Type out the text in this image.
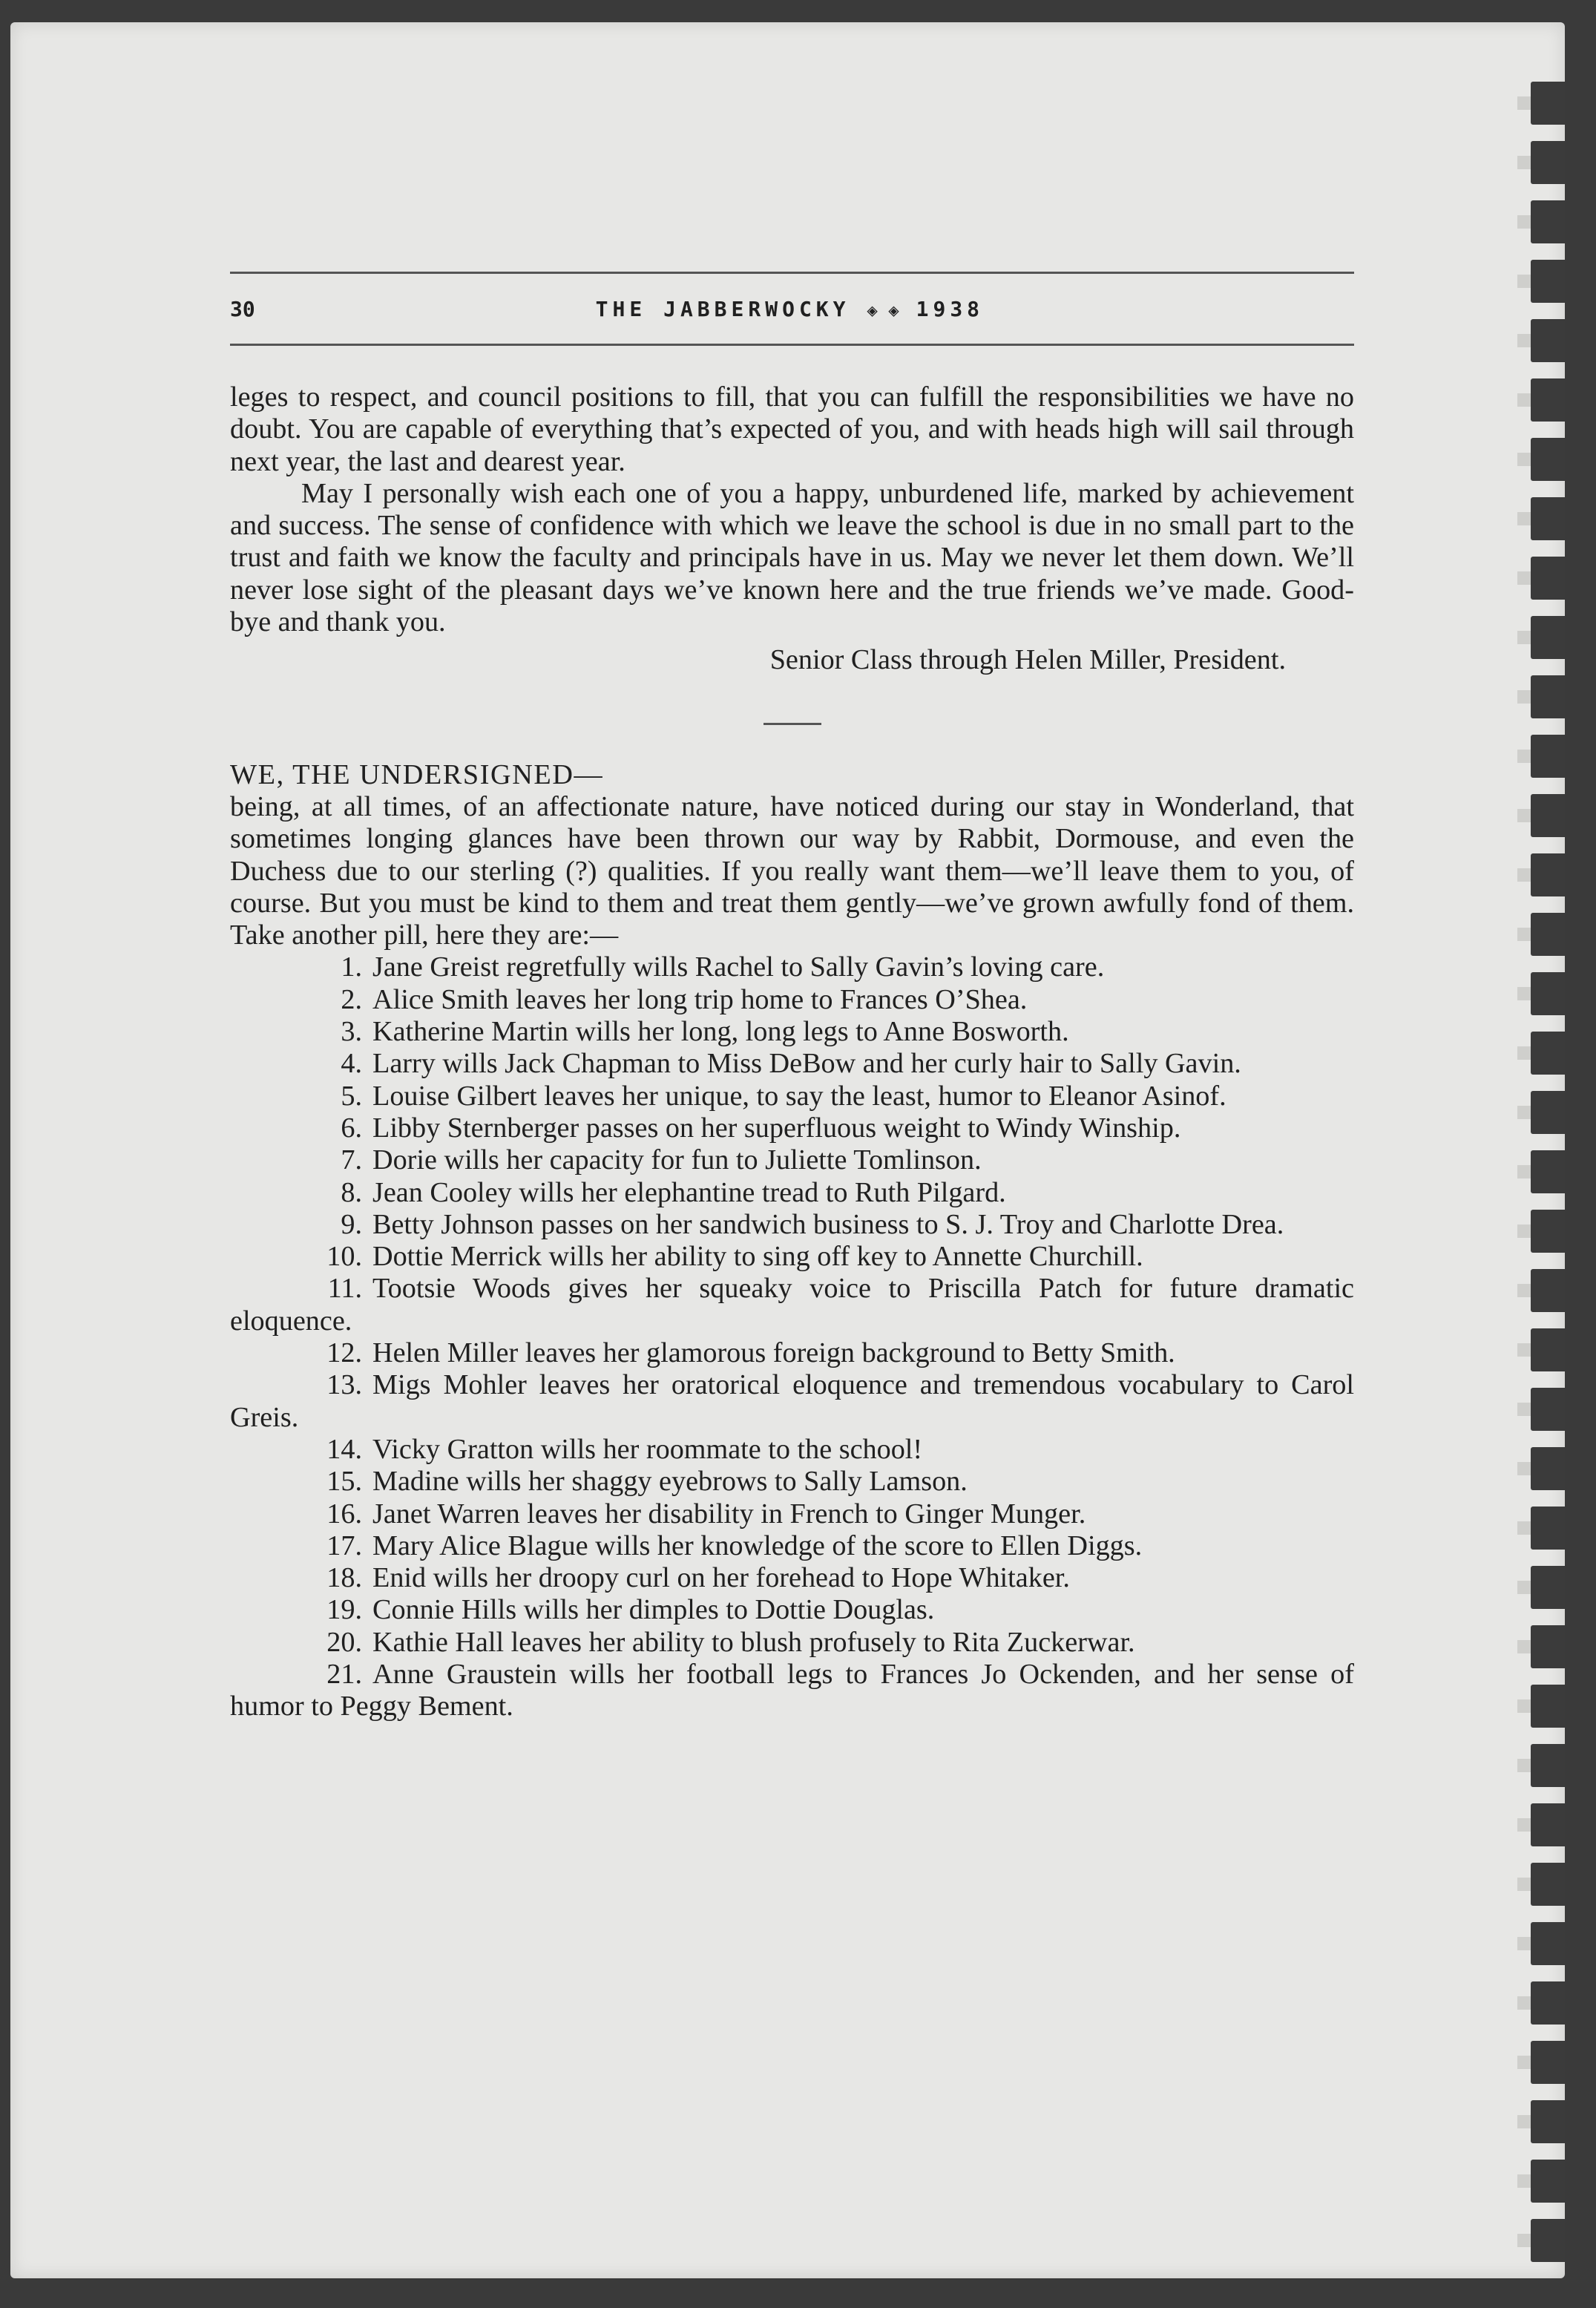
30	THE JABBERWOCKY ◈ ◈ 1938

leges to respect, and council positions to fill, that you can fulfill the responsibilities we have no doubt. You are capable of everything that’s expected of you, and with heads high will sail through next year, the last and dearest year.

May I personally wish each one of you a happy, unburdened life, marked by achievement and success. The sense of confidence with which we leave the school is due in no small part to the trust and faith we know the faculty and principals have in us. May we never let them down. We’ll never lose sight of the pleasant days we’ve known here and the true friends we’ve made. Good-bye and thank you.

Senior Class through Helen Miller, President.

WE, THE UNDERSIGNED—

being, at all times, of an affectionate nature, have noticed during our stay in Wonderland, that sometimes longing glances have been thrown our way by Rabbit, Dormouse, and even the Duchess due to our sterling (?) qualities. If you really want them—we’ll leave them to you, of course. But you must be kind to them and treat them gently—we’ve grown awfully fond of them. Take another pill, here they are:—

1. Jane Greist regretfully wills Rachel to Sally Gavin’s loving care.

2. Alice Smith leaves her long trip home to Frances O’Shea.

3. Katherine Martin wills her long, long legs to Anne Bosworth.

4. Larry wills Jack Chapman to Miss DeBow and her curly hair to Sally Gavin.

5. Louise Gilbert leaves her unique, to say the least, humor to Eleanor Asinof.

6. Libby Sternberger passes on her superfluous weight to Windy Winship.

7. Dorie wills her capacity for fun to Juliette Tomlinson.

8. Jean Cooley wills her elephantine tread to Ruth Pilgard.

9. Betty Johnson passes on her sandwich business to S. J. Troy and Charlotte Drea.

10. Dottie Merrick wills her ability to sing off key to Annette Churchill.

11. Tootsie Woods gives her squeaky voice to Priscilla Patch for future dramatic eloquence.

12. Helen Miller leaves her glamorous foreign background to Betty Smith.

13. Migs Mohler leaves her oratorical eloquence and tremendous vocabulary to Carol Greis.

14. Vicky Gratton wills her roommate to the school!

15. Madine wills her shaggy eyebrows to Sally Lamson.

16. Janet Warren leaves her disability in French to Ginger Munger.

17. Mary Alice Blague wills her knowledge of the score to Ellen Diggs.

18. Enid wills her droopy curl on her forehead to Hope Whitaker.

19. Connie Hills wills her dimples to Dottie Douglas.

20. Kathie Hall leaves her ability to blush profusely to Rita Zuckerwar.

21. Anne Graustein wills her football legs to Frances Jo Ockenden, and her sense of humor to Peggy Bement.
